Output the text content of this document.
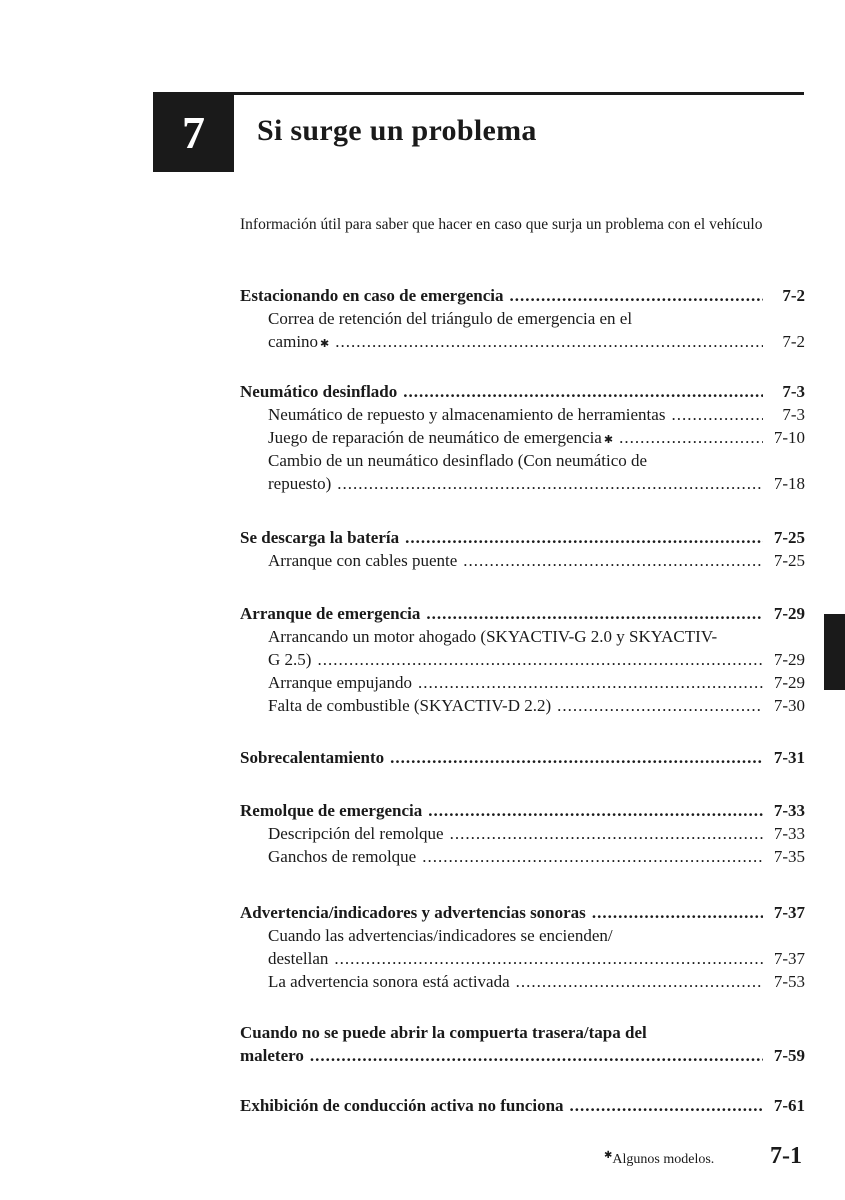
7 Si surge un problema
Información útil para saber que hacer en caso que surja un problema con el vehículo
Estacionando en caso de emergencia .....	7-2
Correa de retención del triángulo de emergencia en el
camino ✱ .....	7-2
Neumático desinflado .....	7-3
Neumático de repuesto y almacenamiento de herramientas .....	7-3
Juego de reparación de neumático de emergencia ✱ .....	7-10
Cambio de un neumático desinflado (Con neumático de
repuesto) .....	7-18
Se descarga la batería .....	7-25
Arranque con cables puente .....	7-25
Arranque de emergencia .....	7-29
Arrancando un motor ahogado (SKYACTIV-G 2.0 y SKYACTIV-
G 2.5) .....	7-29
Arranque empujando .....	7-29
Falta de combustible (SKYACTIV-D 2.2) .....	7-30
Sobrecalentamiento .....	7-31
Remolque de emergencia .....	7-33
Descripción del remolque .....	7-33
Ganchos de remolque .....	7-35
Advertencia/indicadores y advertencias sonoras .....	7-37
Cuando las advertencias/indicadores se encienden/
destellan .....	7-37
La advertencia sonora está activada .....	7-53
Cuando no se puede abrir la compuerta trasera/tapa del
maletero .....	7-59
Exhibición de conducción activa no funciona .....	7-61
✱Algunos modelos. 7-1
